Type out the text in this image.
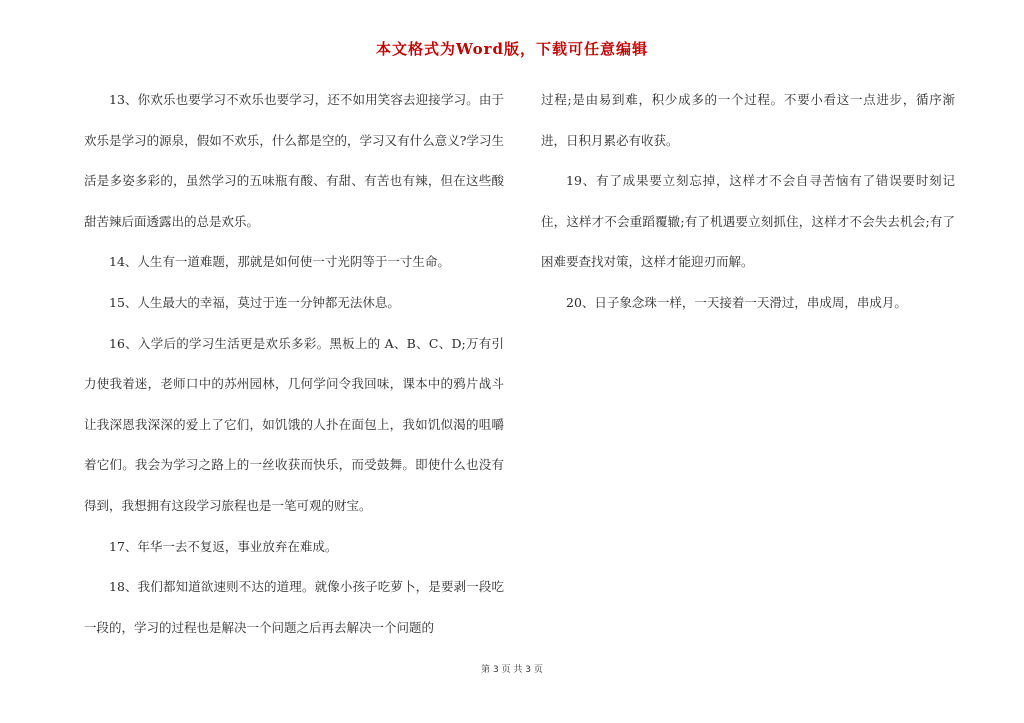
本文格式为Word版，下载可任意编辑

13、你欢乐也要学习不欢乐也要学习，还不如用笑容去迎接学习。由于欢乐是学习的源泉，假如不欢乐，什么都是空的，学习又有什么意义?学习生活是多姿多彩的，虽然学习的五味瓶有酸、有甜、有苦也有辣，但在这些酸甜苦辣后面透露出的总是欢乐。

14、人生有一道难题，那就是如何使一寸光阴等于一寸生命。

15、人生最大的幸福，莫过于连一分钟都无法休息。

16、入学后的学习生活更是欢乐多彩。黑板上的 A、B、C、D;万有引力使我着迷，老师口中的苏州园林，几何学问令我回味，课本中的鸦片战斗让我深恩我深深的爱上了它们，如饥饿的人扑在面包上，我如饥似渴的咀嚼着它们。我会为学习之路上的一丝收获而快乐，而受鼓舞。即使什么也没有得到，我想拥有这段学习旅程也是一笔可观的财宝。

17、年华一去不复返，事业放弃在难成。

18、我们都知道欲速则不达的道理。就像小孩子吃萝卜，是要剥一段吃一段的，学习的过程也是解决一个问题之后再去解决一个问题的

过程;是由易到难，积少成多的一个过程。不要小看这一点进步，循序渐进，日积月累必有收获。

19、有了成果要立刻忘掉，这样才不会自寻苦恼有了错误要时刻记住，这样才不会重蹈覆辙;有了机遇要立刻抓住，这样才不会失去机会;有了困难要查找对策，这样才能迎刃而解。

20、日子象念珠一样，一天接着一天滑过，串成周，串成月。

第 3 页 共 3 页
